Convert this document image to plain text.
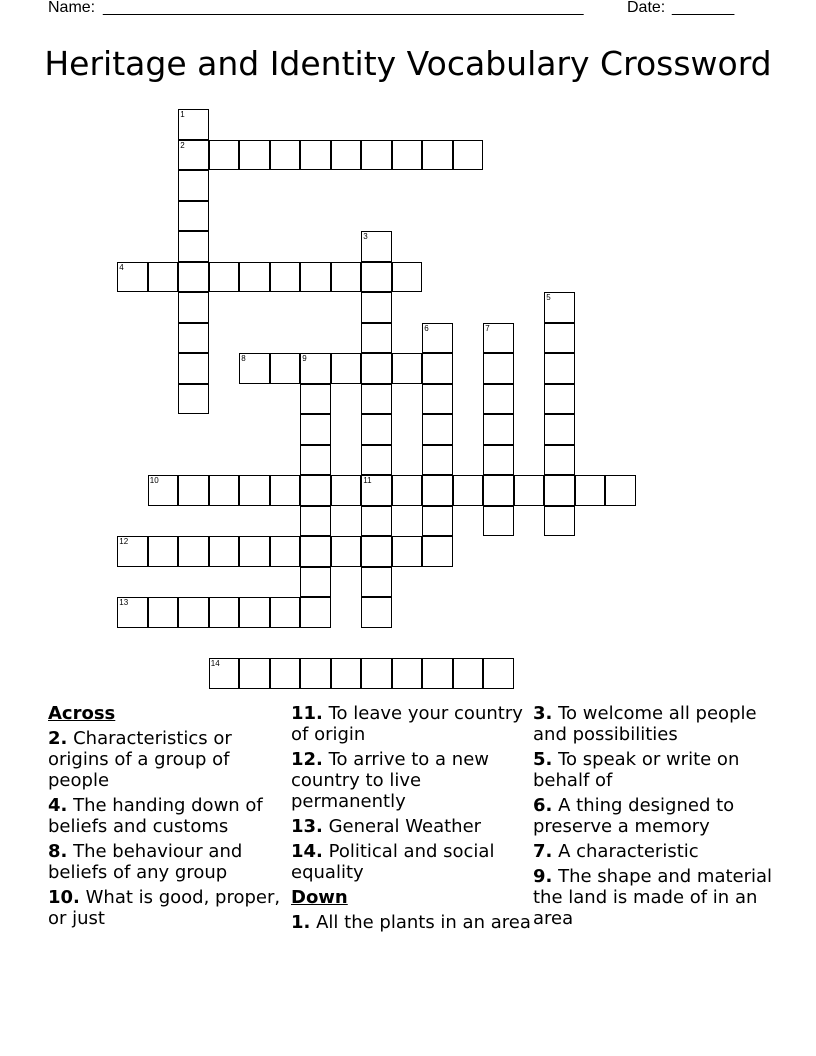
Name: ______________________________________________________	Date: _______
Heritage and Identity Vocabulary Crossword
1
2
3
11
4
5
6	7
8	9
10
12
13
14
Across
2. Characteristics or origins of a group of people
4. The handing down of beliefs and customs
8. The behaviour and beliefs of any group
10. What is good, proper, or just
11. To leave your country of origin
12. To arrive to a new country to live permanently
13. General Weather
14. Political and social equality
Down
1. All the plants in an area
3. To welcome all people and possibilities
5. To speak or write on behalf of
6. A thing designed to preserve a memory
7. A characteristic
9. The shape and material the land is made of in an area
